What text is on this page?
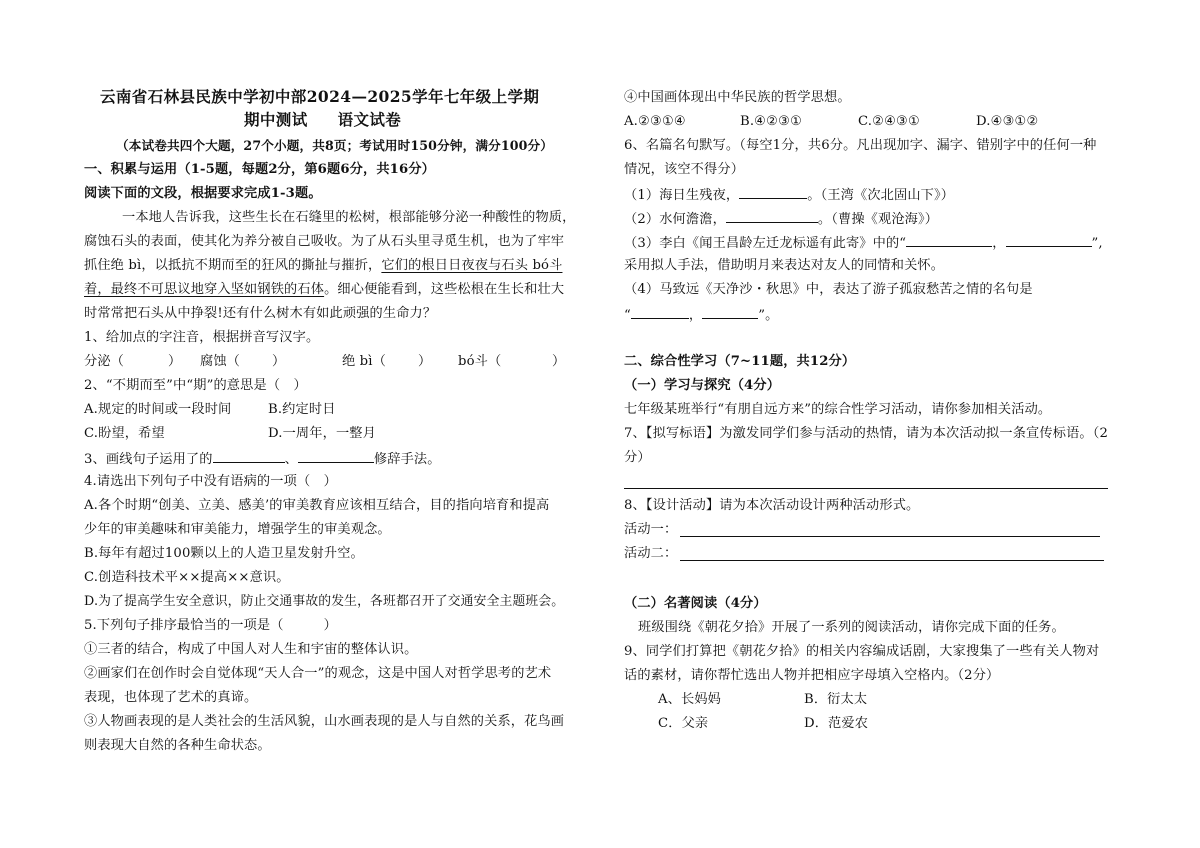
云南省石林县民族中学初中部2024—2025学年七年级上学期
期中测试 语文试卷
（本试卷共四个大题，27个小题，共8页；考试用时150分钟，满分100分）
一、积累与运用（1-5题，每题2分，第6题6分，共16分）
阅读下面的文段，根据要求完成1-3题。
一本地人告诉我，这些生长在石缝里的松树，根部能够分泌一种酸性的物质，
腐蚀石头的表面，使其化为养分被自己吸收。为了从石头里寻觅生机，也为了牢牢
抓住绝 bì，以抵抗不期而至的狂风的撕扯与摧折，它们的根日日夜夜与石头 bó斗
着，最终不可思议地穿入坚如钢铁的石体。细心便能看到，这些松根在生长和壮大
时常常把石头从中挣裂!还有什么树木有如此顽强的生命力？
1、给加点的字注音，根据拼音写汉字。
分泌（	） 腐蚀（ ）	绝 bì（ ） bó斗（	）
2、“不期而至”中“期”的意思是（　）
A.规定的时间或一段时间	B.约定时日
C.盼望，希望	D.一周年，一整月
3、画线句子运用了的	、	修辞手法。
4.请选出下列句子中没有语病的一项（　）
A.各个时期“创美、立美、感美’的审美教育应该相互结合，目的指向培育和提高
少年的审美趣味和审美能力，增强学生的审美观念。
B.每年有超过100颗以上的人造卫星发射升空。
C.创造科技术平××提高××意识。
D.为了提高学生安全意识，防止交通事故的发生，各班都召开了交通安全主题班会。
5.下列句子排序最恰当的一项是（　　　）
①三者的结合，构成了中国人对人生和宇宙的整体认识。
②画家们在创作时会自觉体现“天人合一”的观念，这是中国人对哲学思考的艺术
表现，也体现了艺术的真谛。
③人物画表现的是人类社会的生活风貌，山水画表现的是人与自然的关系，花鸟画
则表现大自然的各种生命状态。
④中国画体现出中华民族的哲学思想。
A.②③①④	B.④②③①	C.②④③①	D.④③①②
6、名篇名句默写。（每空1分，共6分。凡出现加字、漏字、错别字中的任何一种
情况，该空不得分）
（1）海日生残夜，	。（王湾《次北固山下》）
（2）水何澹澹，	。（曹操《观沧海》）
（3）李白《闻王昌龄左迁龙标遥有此寄》中的“	，	”,
采用拟人手法，借助明月来表达对友人的同情和关怀。
（4）马致远《天净沙・秋思》中，表达了游子孤寂愁苦之情的名句是
“	，	”。
二、综合性学习（7~11题，共12分）
（一）学习与探究（4分）
七年级某班举行“有朋自远方来”的综合性学习活动，请你参加相关活动。
7、【拟写标语】为激发同学们参与活动的热情，请为本次活动拟一条宣传标语。（2
分）
8、【设计活动】请为本次活动设计两种活动形式。
活动一：
活动二：
（二）名著阅读（4分）
班级围绕《朝花夕拾》开展了一系列的阅读活动，请你完成下面的任务。
9、同学们打算把《朝花夕拾》的相关内容编成话剧，大家搜集了一些有关人物对
话的素材，请你帮忙选出人物并把相应字母填入空格内。（2分）
A、长妈妈	B．衍太太
C．父亲	D．范爱农
